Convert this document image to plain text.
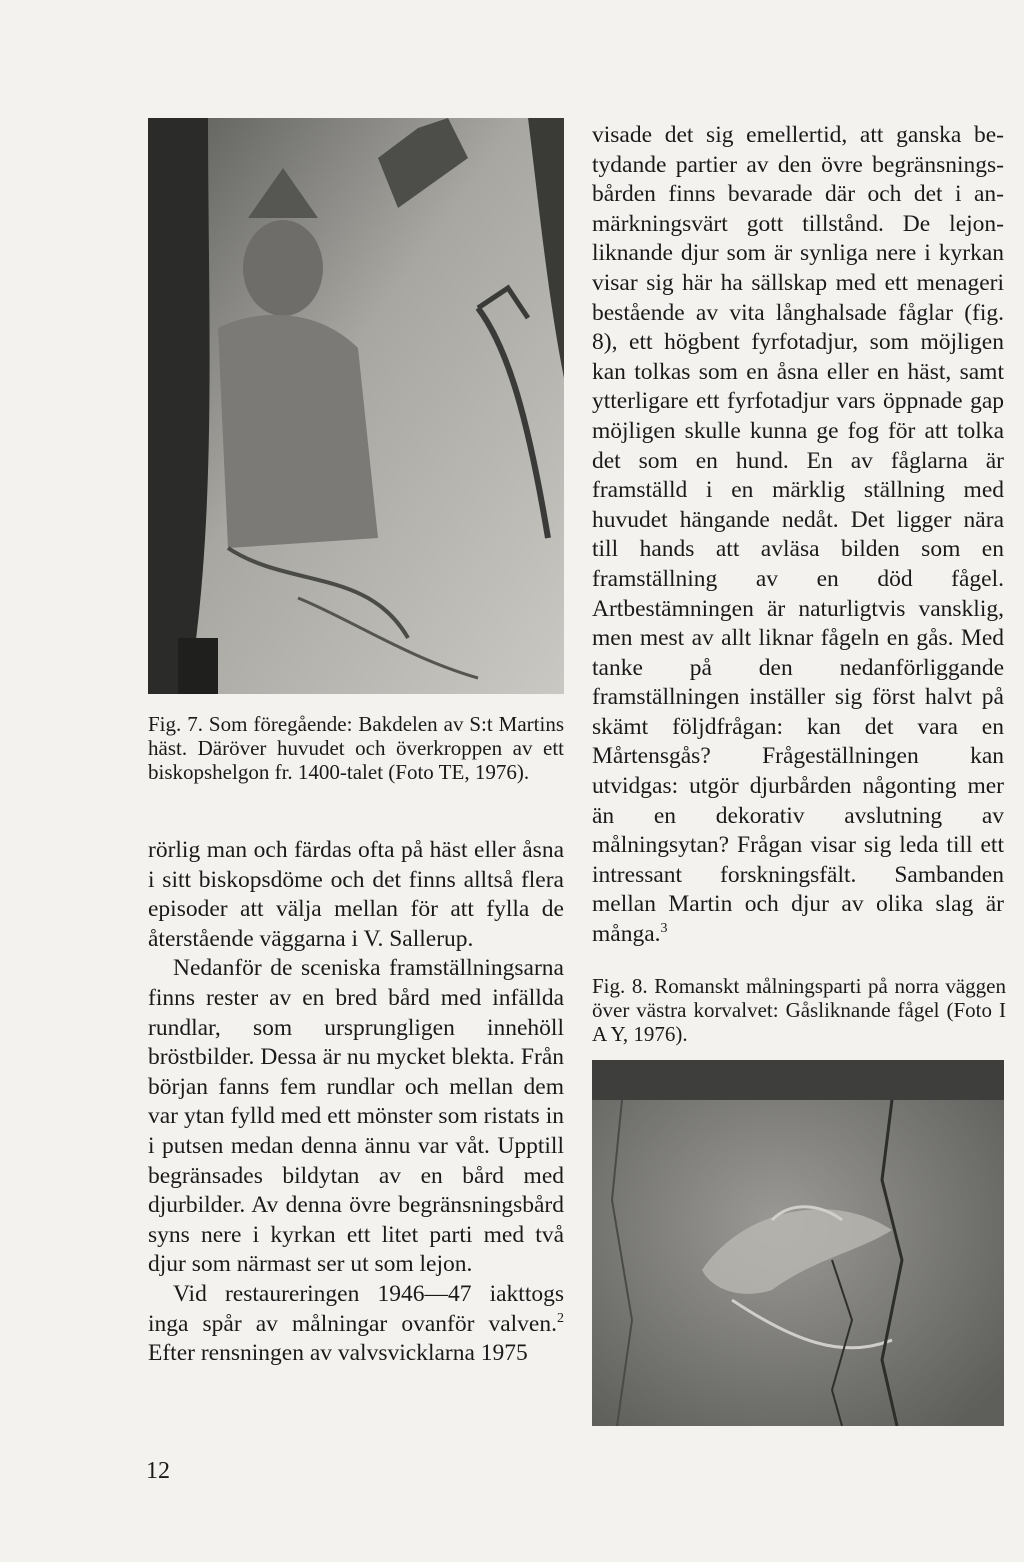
Fig. 7. Som föregående: Bakdelen av S:t Martins häst. Däröver huvudet och överkroppen av ett biskopshelgon fr. 1400-talet (Foto TE, 1976).

rörlig man och färdas ofta på häst eller åsna i sitt biskopsdöme och det finns alltså flera episoder att välja mellan för att fylla de återstående väggarna i V. Sallerup.

Nedanför de sceniska framställningsarna finns rester av en bred bård med infällda rundlar, som ursprungligen innehöll bröstbilder. Dessa är nu mycket blekta. Från början fanns fem rundlar och mellan dem var ytan fylld med ett mönster som ristats in i putsen medan denna ännu var våt. Upptill begränsades bildytan av en bård med djurbilder. Av denna övre begränsningsbård syns nere i kyrkan ett litet parti med två djur som närmast ser ut som lejon.

Vid restaureringen 1946—47 iakttogs inga spår av målningar ovanför valven.$^2$ Efter rensningen av valvsvicklarna 1975

visade det sig emellertid, att ganska betydande partier av den övre begränsningsbården finns bevarade där och det i anmärkningsvärt gott tillstånd. De lejonliknande djur som är synliga nere i kyrkan visar sig här ha sällskap med ett menageri bestående av vita långhalsade fåglar (fig. 8), ett högbent fyrfotadjur, som möjligen kan tolkas som en åsna eller en häst, samt ytterligare ett fyrfotadjur vars öppnade gap möjligen skulle kunna ge fog för att tolka det som en hund. En av fåglarna är framställd i en märklig ställning med huvudet hängande nedåt. Det ligger nära till hands att avläsa bilden som en framställning av en död fågel. Artbestämningen är naturligtvis vansklig, men mest av allt liknar fågeln en gås. Med tanke på den nedanförliggande framställningen inställer sig först halvt på skämt följdfrågan: kan det vara en Mårtensgås? Frågeställningen kan utvidgas: utgör djurbården någonting mer än en dekorativ avslutning av målningsytan? Frågan visar sig leda till ett intressant forskningsfält. Sambanden mellan Martin och djur av olika slag är många.$^3$

Fig. 8. Romanskt målningsparti på norra väggen över västra korvalvet: Gåsliknande fågel (Foto I A Y, 1976).
12
